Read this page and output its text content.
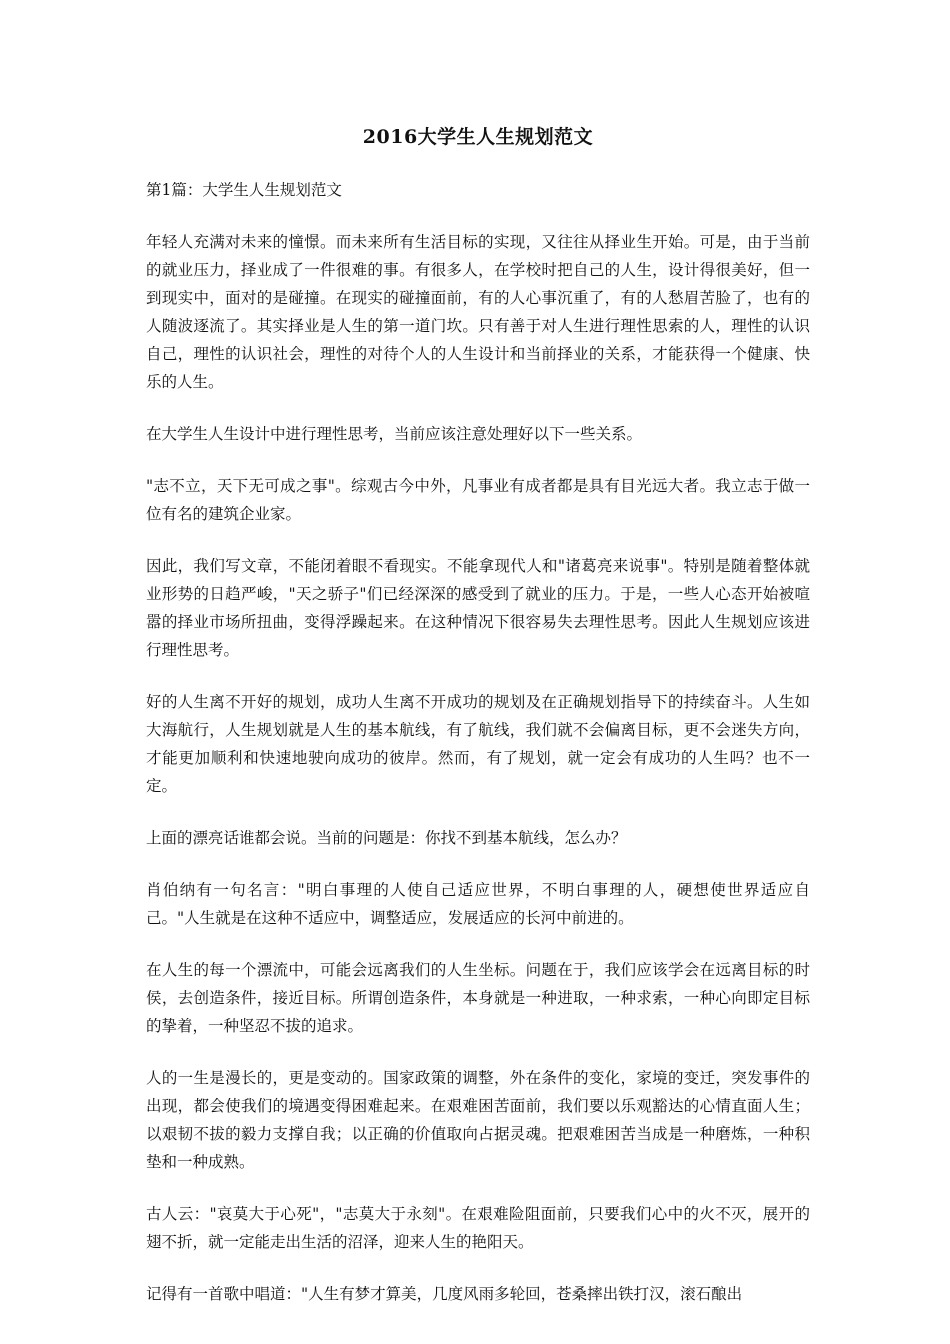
2016大学生人生规划范文
第1篇：大学生人生规划范文

年轻人充满对未来的憧憬。而未来所有生活目标的实现，又往往从择业生开始。可是，由于当前的就业压力，择业成了一件很难的事。有很多人，在学校时把自己的人生，设计得很美好，但一到现实中，面对的是碰撞。在现实的碰撞面前，有的人心事沉重了，有的人愁眉苦脸了，也有的人随波逐流了。其实择业是人生的第一道门坎。只有善于对人生进行理性思索的人，理性的认识自己，理性的认识社会，理性的对待个人的人生设计和当前择业的关系，才能获得一个健康、快乐的人生。

在大学生人生设计中进行理性思考，当前应该注意处理好以下一些关系。

"志不立，天下无可成之事"。综观古今中外，凡事业有成者都是具有目光远大者。我立志于做一位有名的建筑企业家。

因此，我们写文章，不能闭着眼不看现实。不能拿现代人和"诸葛亮来说事"。特别是随着整体就业形势的日趋严峻，"天之骄子"们已经深深的感受到了就业的压力。于是，一些人心态开始被喧嚣的择业市场所扭曲，变得浮躁起来。在这种情况下很容易失去理性思考。因此人生规划应该进行理性思考。

好的人生离不开好的规划，成功人生离不开成功的规划及在正确规划指导下的持续奋斗。人生如大海航行，人生规划就是人生的基本航线，有了航线，我们就不会偏离目标，更不会迷失方向，才能更加顺利和快速地驶向成功的彼岸。然而，有了规划，就一定会有成功的人生吗？也不一定。

上面的漂亮话谁都会说。当前的问题是：你找不到基本航线，怎么办？

肖伯纳有一句名言："明白事理的人使自己适应世界，不明白事理的人，硬想使世界适应自己。"人生就是在这种不适应中，调整适应，发展适应的长河中前进的。

在人生的每一个漂流中，可能会远离我们的人生坐标。问题在于，我们应该学会在远离目标的时侯，去创造条件，接近目标。所谓创造条件，本身就是一种进取，一种求索，一种心向即定目标的挚着，一种坚忍不拔的追求。

人的一生是漫长的，更是变动的。国家政策的调整，外在条件的变化，家境的变迁，突发事件的出现，都会使我们的境遇变得困难起来。在艰难困苦面前，我们要以乐观豁达的心情直面人生；以艰韧不拔的毅力支撑自我；以正确的价值取向占据灵魂。把艰难困苦当成是一种磨炼，一种积垫和一种成熟。

古人云："哀莫大于心死"，"志莫大于永刻"。在艰难险阻面前，只要我们心中的火不灭，展开的翅不折，就一定能走出生活的沼泽，迎来人生的艳阳天。

记得有一首歌中唱道："人生有梦才算美，几度风雨多轮回，苍桑摔出铁打汉，滚石酿出
